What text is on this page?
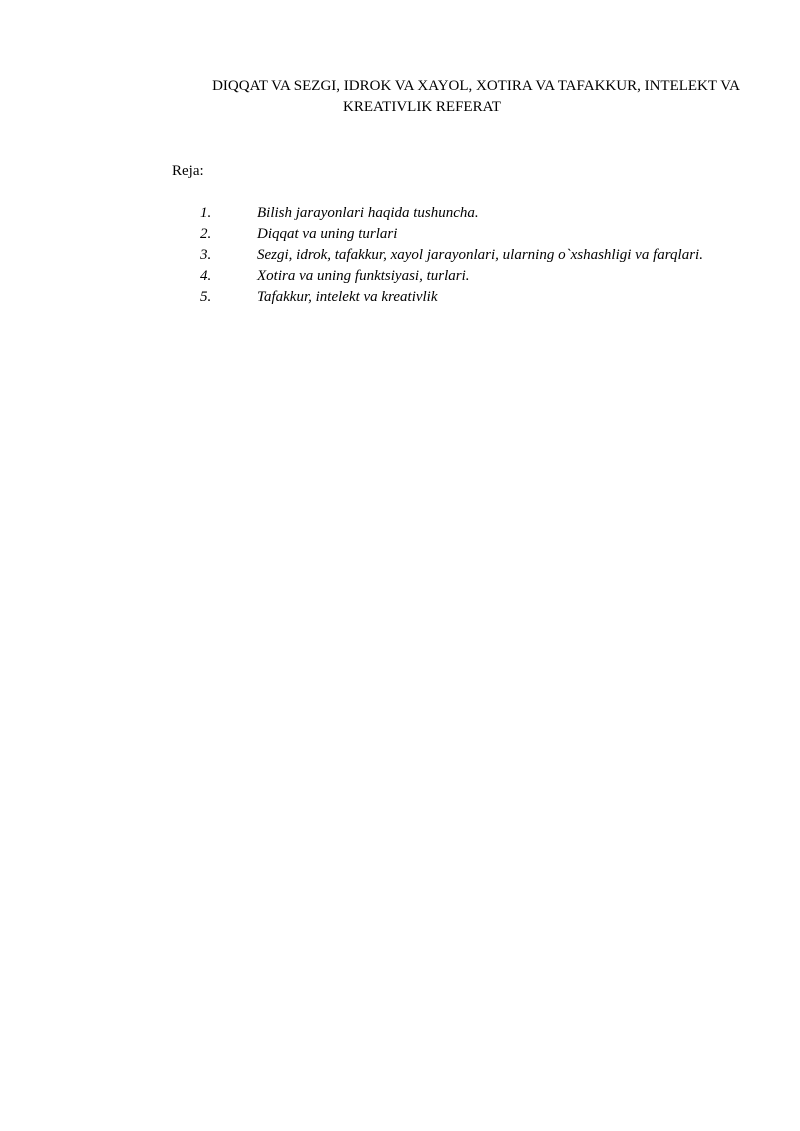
DIQQAT VA SEZGI, IDROK VA XAYOL, XOTIRA VA TAFAKKUR, INTELEKT VA
KREATIVLIK REFERAT

Reja:

1.	Bilish jarayonlari haqida tushuncha.
2.	Diqqat va uning turlari
3.	Sezgi, idrok, tafakkur, xayol jarayonlari, ularning o`xshashligi va farqlari.
4.	Xotira va uning funktsiyasi, turlari.
5.	Tafakkur, intelekt va kreativlik
